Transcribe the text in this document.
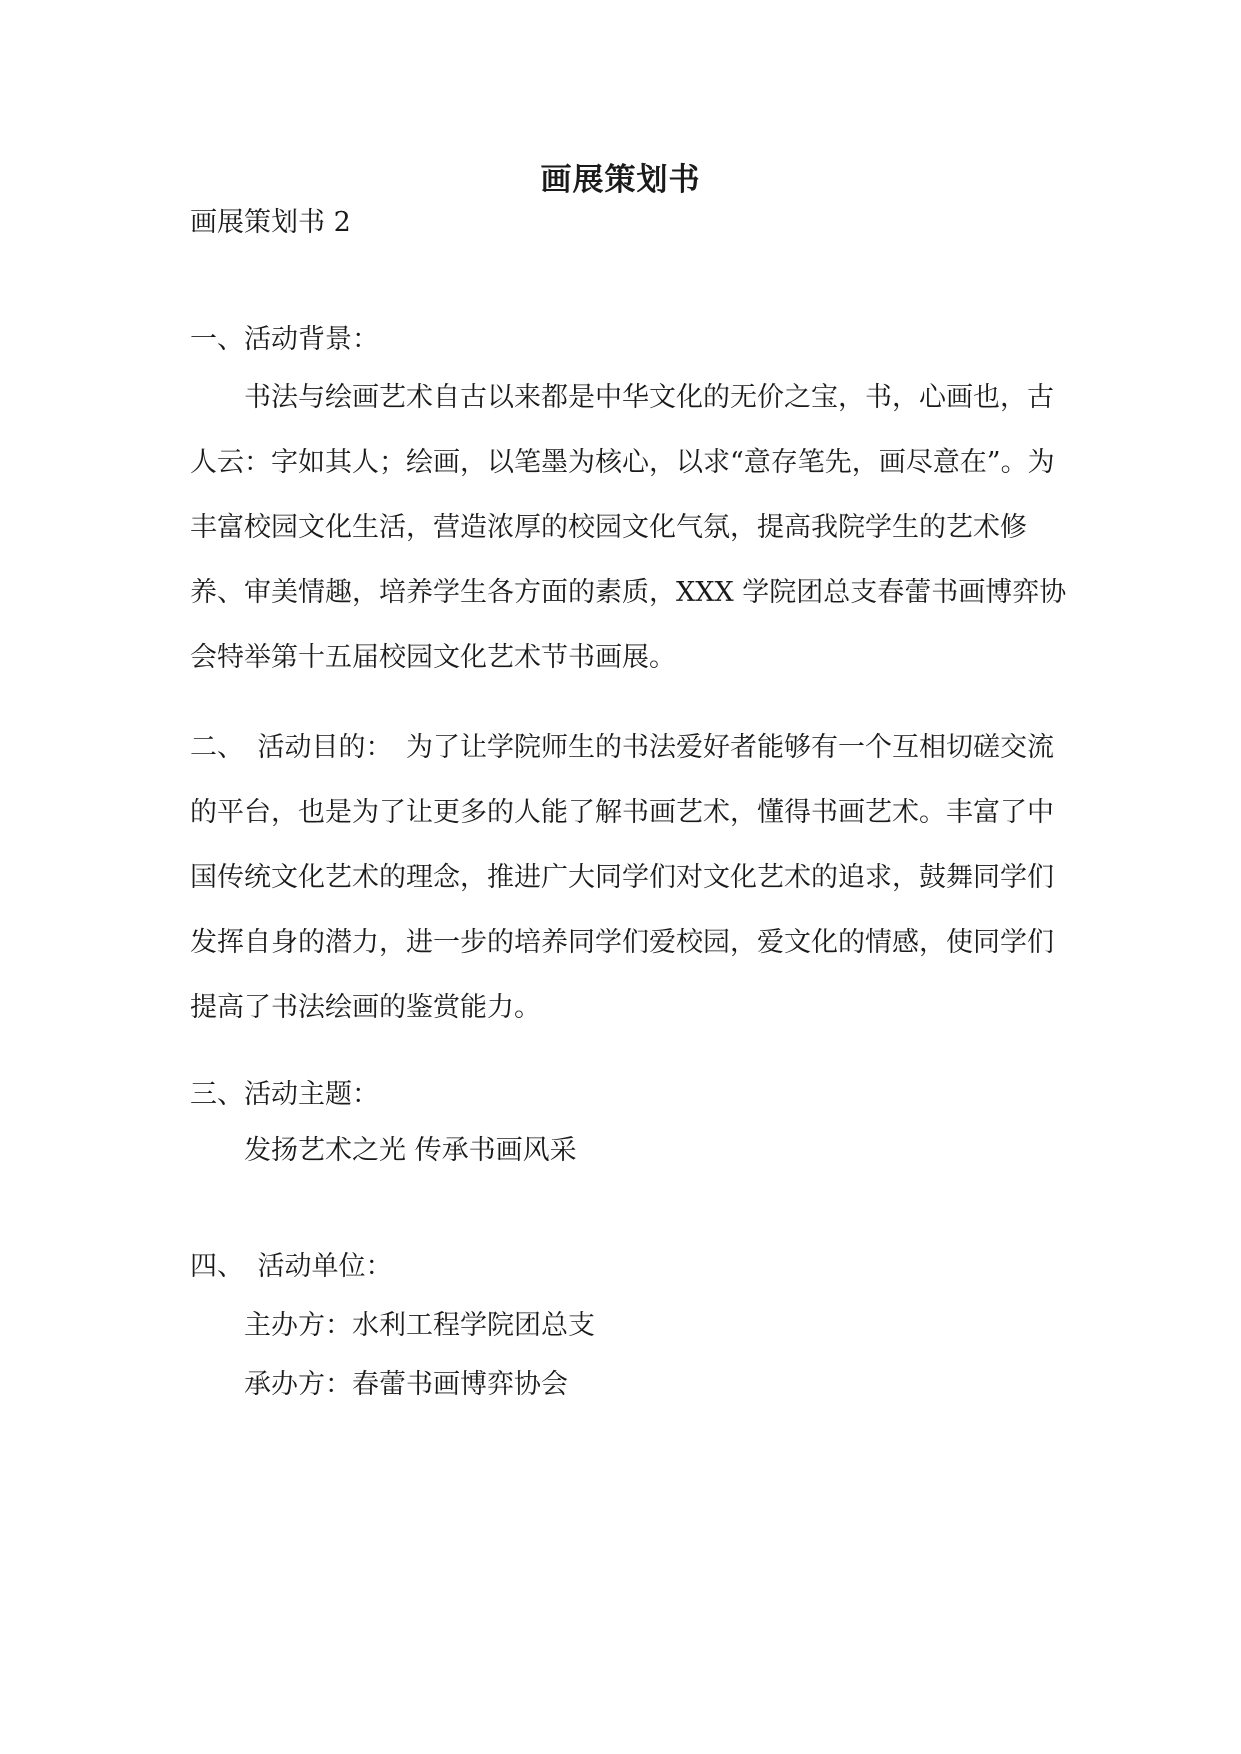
画展策划书

画展策划书 2

一、活动背景：

书法与绘画艺术自古以来都是中华文化的无价之宝，书，心画也，古人云：字如其人；绘画，以笔墨为核心，以求“意存笔先，画尽意在”。为丰富校园文化生活，营造浓厚的校园文化气氛，提高我院学生的艺术修养、审美情趣，培养学生各方面的素质，XXX 学院团总支春蕾书画博弈协会特举第十五届校园文化艺术节书画展。

二、　活动目的：　为了让学院师生的书法爱好者能够有一个互相切磋交流的平台，也是为了让更多的人能了解书画艺术，懂得书画艺术。丰富了中国传统文化艺术的理念，推进广大同学们对文化艺术的追求，鼓舞同学们发挥自身的潜力，进一步的培养同学们爱校园，爱文化的情感，使同学们提高了书法绘画的鉴赏能力。

三、活动主题：

发扬艺术之光 传承书画风采

四、　活动单位：

主办方：水利工程学院团总支

承办方：春蕾书画博弈协会
